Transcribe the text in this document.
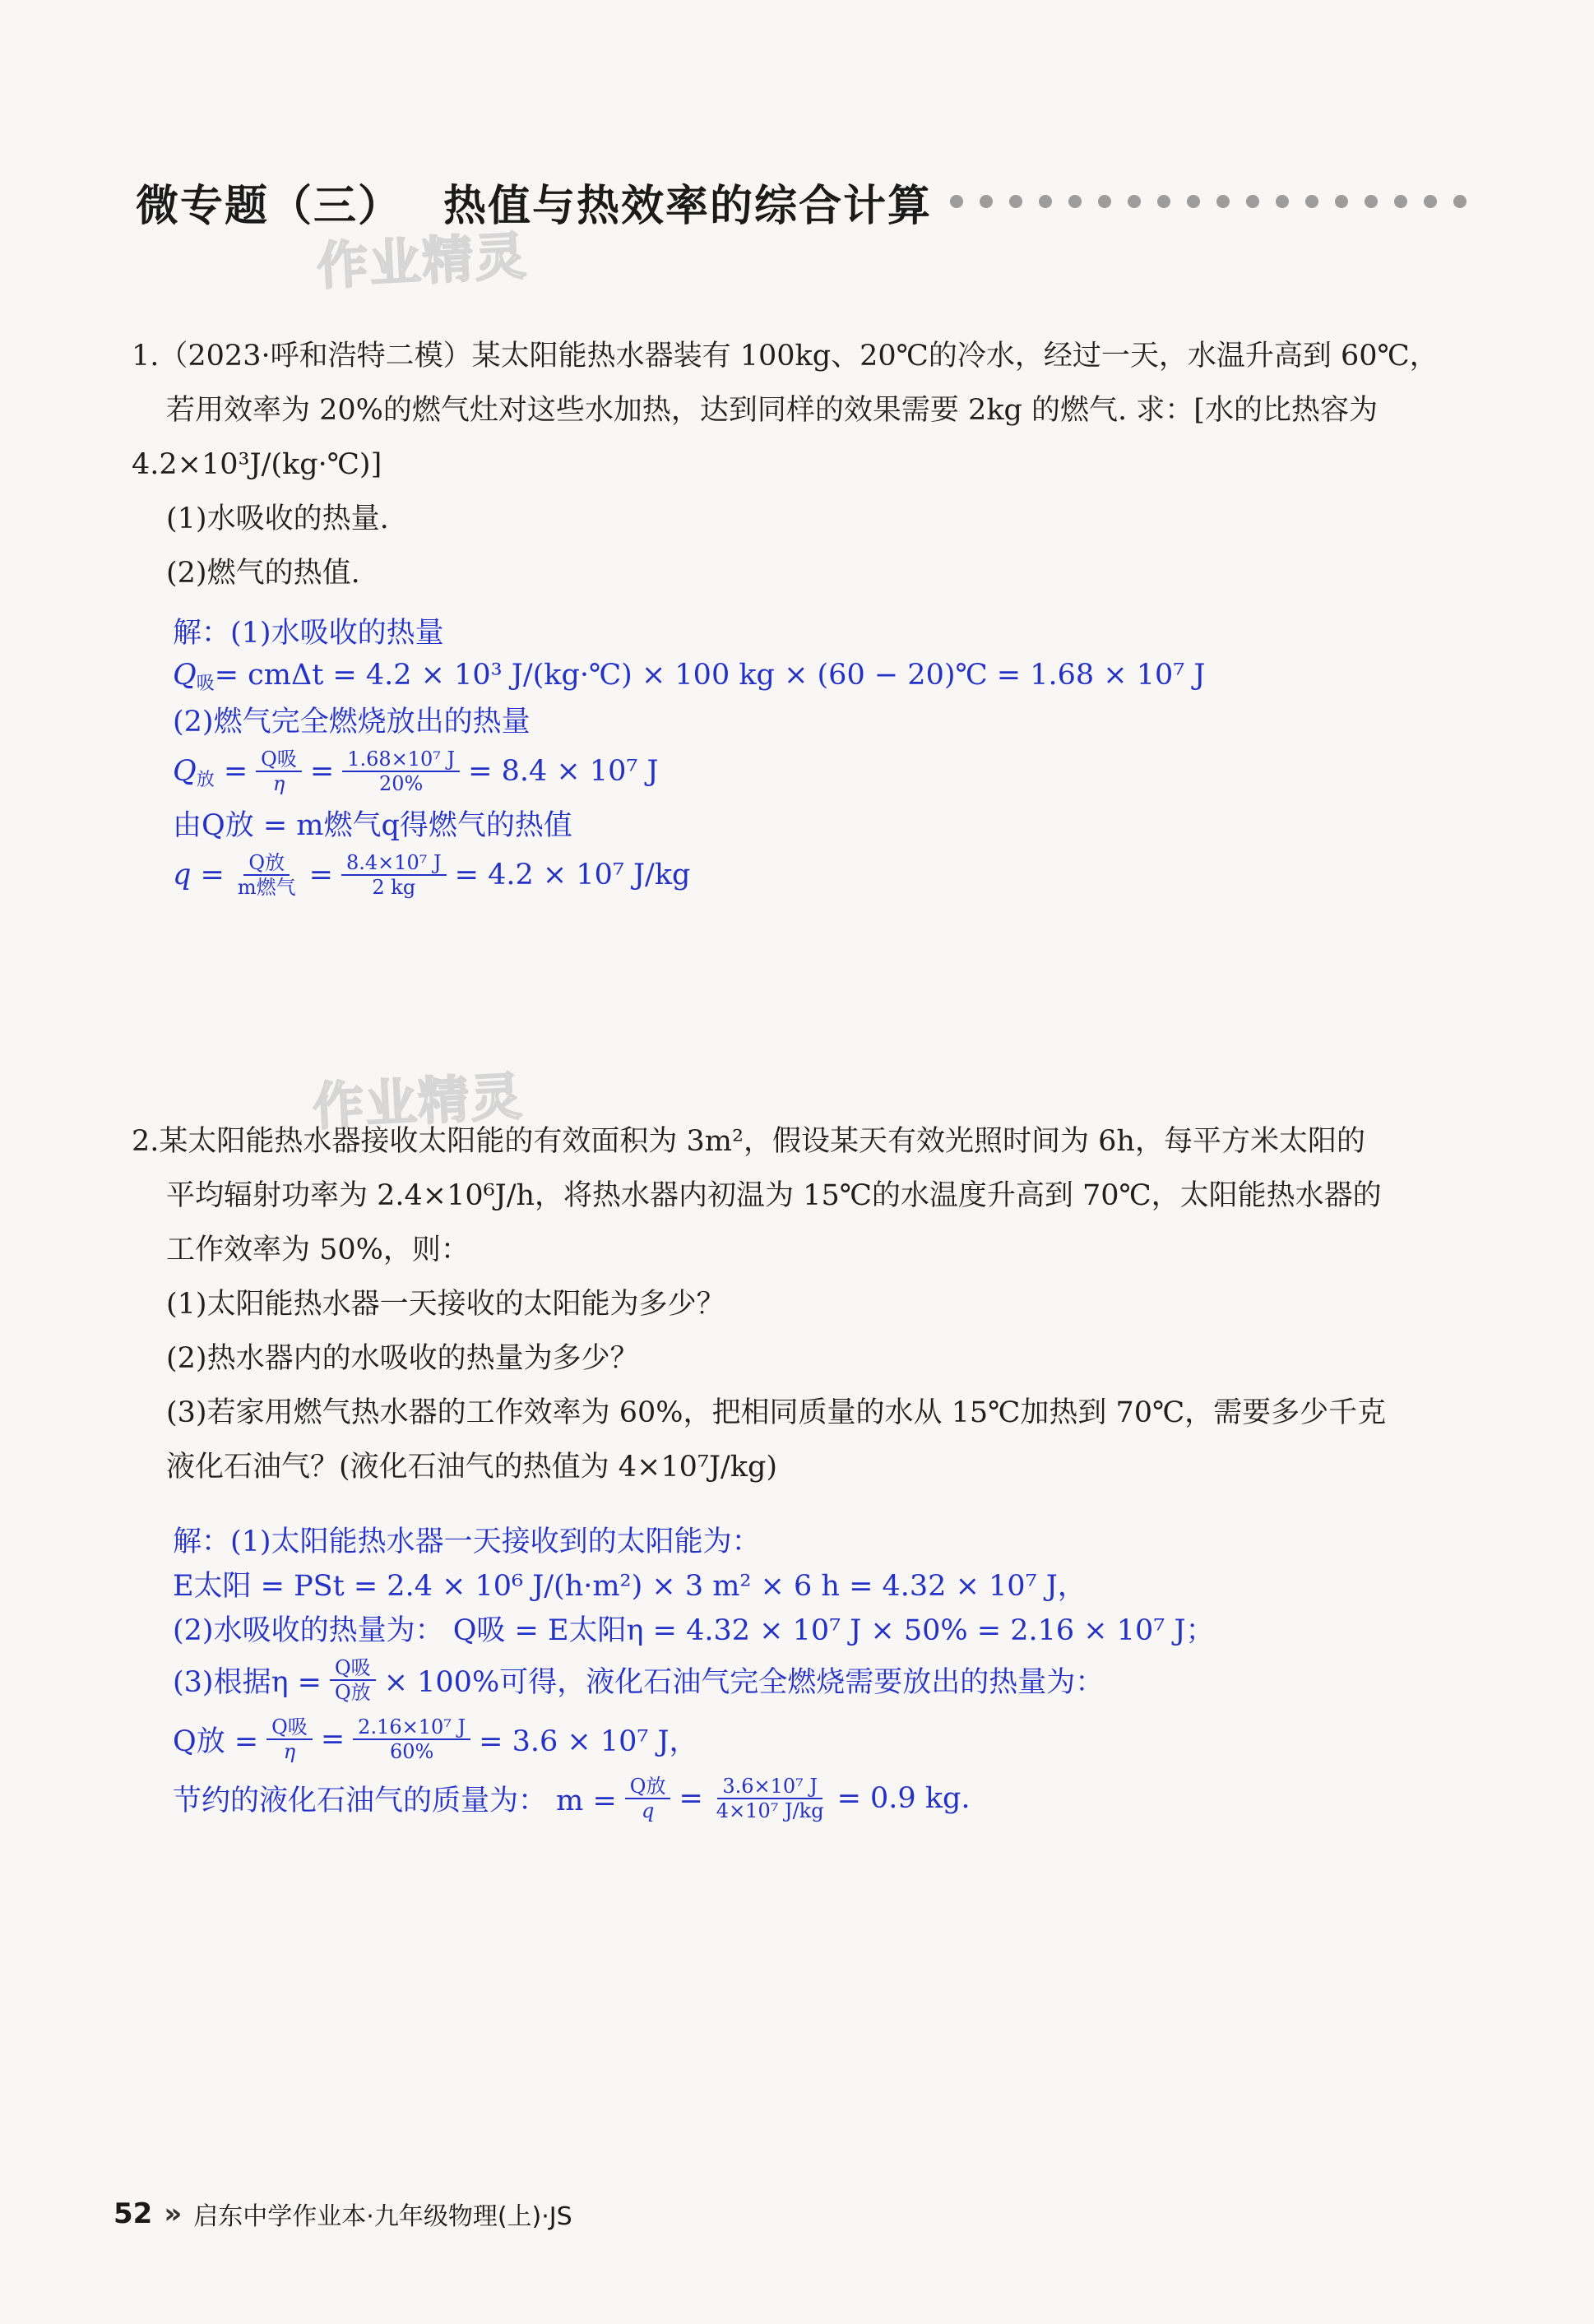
微专题（三） 热值与热效率的综合计算
作业精灵
作业精灵

1.（2023·呼和浩特二模）某太阳能热水器装有 100kg、20℃的冷水，经过一天，水温升高到 60℃，

若用效率为 20%的燃气灶对这些水加热，达到同样的效果需要 2kg 的燃气. 求：[水的比热容为

4.2×10³J/(kg·℃)]

(1)水吸收的热量.

(2)燃气的热值.

解：(1)水吸收的热量
Q 吸 = cmΔt = 4.2 × 10³ J/(kg·℃) × 100 kg × (60 − 20)℃ = 1.68 × 10⁷ J
(2)燃气完全燃烧放出的热量
Q 放 = $\frac{\text{Q吸}}{\eta} = \frac{\text{1.68×10⁷ J}}{20\%} = 8.4 \times 10^7$ J
由Q放 = m燃气q得燃气的热值
$q = \frac{\text{Q放}}{\text{m燃气}} = \frac{\text{8.4×10⁷ J}}{2 kg} = 4.2 \times 10^7$ J/kg

2.某太阳能热水器接收太阳能的有效面积为 3m²，假设某天有效光照时间为 6h，每平方米太阳的

平均辐射功率为 2.4×10⁶J/h，将热水器内初温为 15℃的水温度升高到 70℃，太阳能热水器的

工作效率为 50%，则：

(1)太阳能热水器一天接收的太阳能为多少？

(2)热水器内的水吸收的热量为多少？

(3)若家用燃气热水器的工作效率为 60%，把相同质量的水从 15℃加热到 70℃，需要多少千克

液化石油气？(液化石油气的热值为 4×10⁷J/kg)

解：(1)太阳能热水器一天接收到的太阳能为：
E太阳 = PSt = 2.4 × 10⁶ J/(h·m²) × 3 m² × 6 h = 4.32 × 10⁷ J，
(2)水吸收的热量为： Q吸 = E太阳η = 4.32 × 10⁷ J × 50% = 2.16 × 10⁷ J；
(3)根据$\eta = \frac{\text{Q吸}}{\text{Q放}} \times 100\%$可得，液化石油气完全燃烧需要放出的热量为：
Q放 = $\frac{\text{Q吸}}{\eta} = \frac{\text{2.16×10⁷ J}}{60\%} = 3.6 \times 10^7$ J，
节约的液化石油气的质量为： $m = \frac{\text{Q放}}{q} = \frac{\text{3.6×10⁷ J}}{\text{4×10⁷ J/kg}} = 0.9$ kg.
52 » 启东中学作业本·九年级物理(上)·JS
